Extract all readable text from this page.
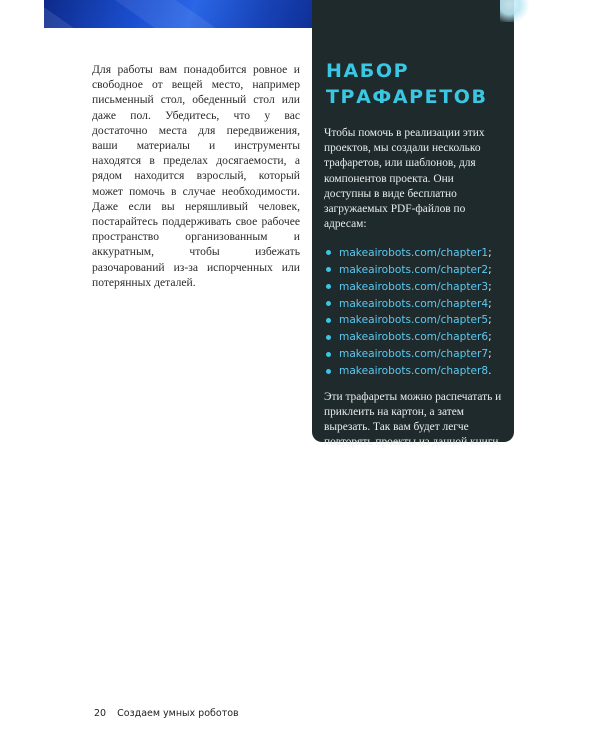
Для работы вам понадобится ровное и свободное от вещей место, например письменный стол, обеденный стол или даже пол. Убедитесь, что у вас достаточно места для передвижения, ваши материалы и инструменты находятся в пределах досягаемости, а рядом находится взрослый, который может помочь в случае необходимости. Даже если вы неряшливый человек, постарайтесь поддерживать свое рабочее пространство организованным и аккуратным, чтобы избежать разочарований из-за испорченных или потерянных деталей.
НАБОР
ТРАФАРЕТОВ

Чтобы помочь в реализации этих проектов, мы создали несколько трафаретов, или шаблонов, для компонентов проекта. Они доступны в виде бесплатно загружаемых PDF-файлов по адресам:

makeairobots.com/chapter1 ;
makeairobots.com/chapter2 ;
makeairobots.com/chapter3 ;
makeairobots.com/chapter4 ;
makeairobots.com/chapter5 ;
makeairobots.com/chapter6 ;
makeairobots.com/chapter7 ;
makeairobots.com/chapter8 .

Эти трафареты можно распечатать и приклеить на картон, а затем вырезать. Так вам будет легче повторять проекты из данной книги.

20 Создаем умных роботов
